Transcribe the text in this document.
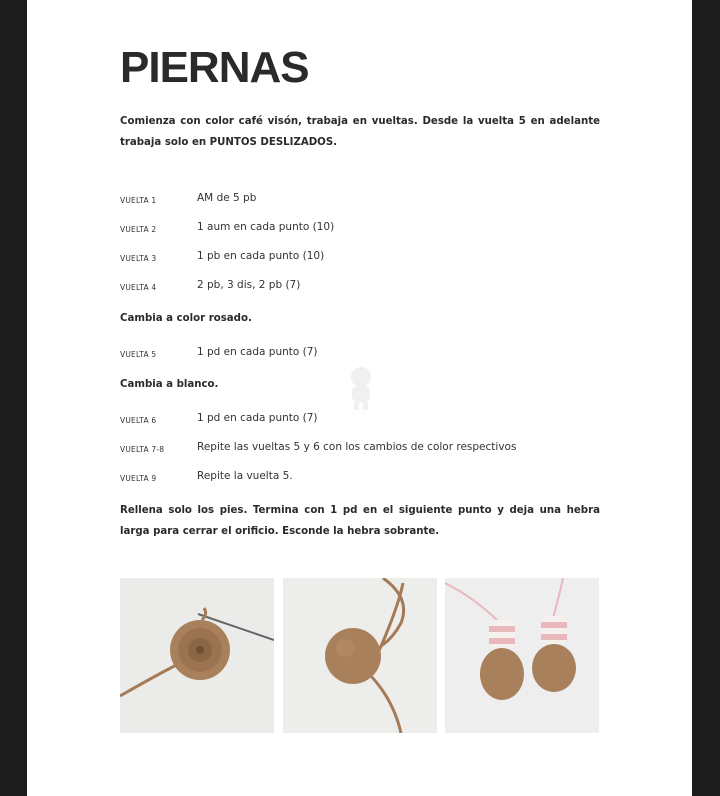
PIERNAS

Comienza con color café visón, trabaja en vueltas. Desde la vuelta 5 en adelante trabaja solo en PUNTOS DESLIZADOS.

VUELTA 1	AM de 5 pb
VUELTA 2	1 aum en cada punto (10)
VUELTA 3	1 pb en cada punto (10)
VUELTA 4	2 pb, 3 dis, 2 pb (7)
Cambia a color rosado.
VUELTA 5	1 pd en cada punto (7)
Cambia a blanco.
VUELTA 6	1 pd en cada punto (7)
VUELTA 7-8	Repite las vueltas 5 y 6 con los cambios de color respectivos
VUELTA 9	Repite la vuelta 5.

Rellena solo los pies. Termina con 1 pd en el siguiente punto y deja una hebra larga para cerrar el orificio. Esconde la hebra sobrante.
